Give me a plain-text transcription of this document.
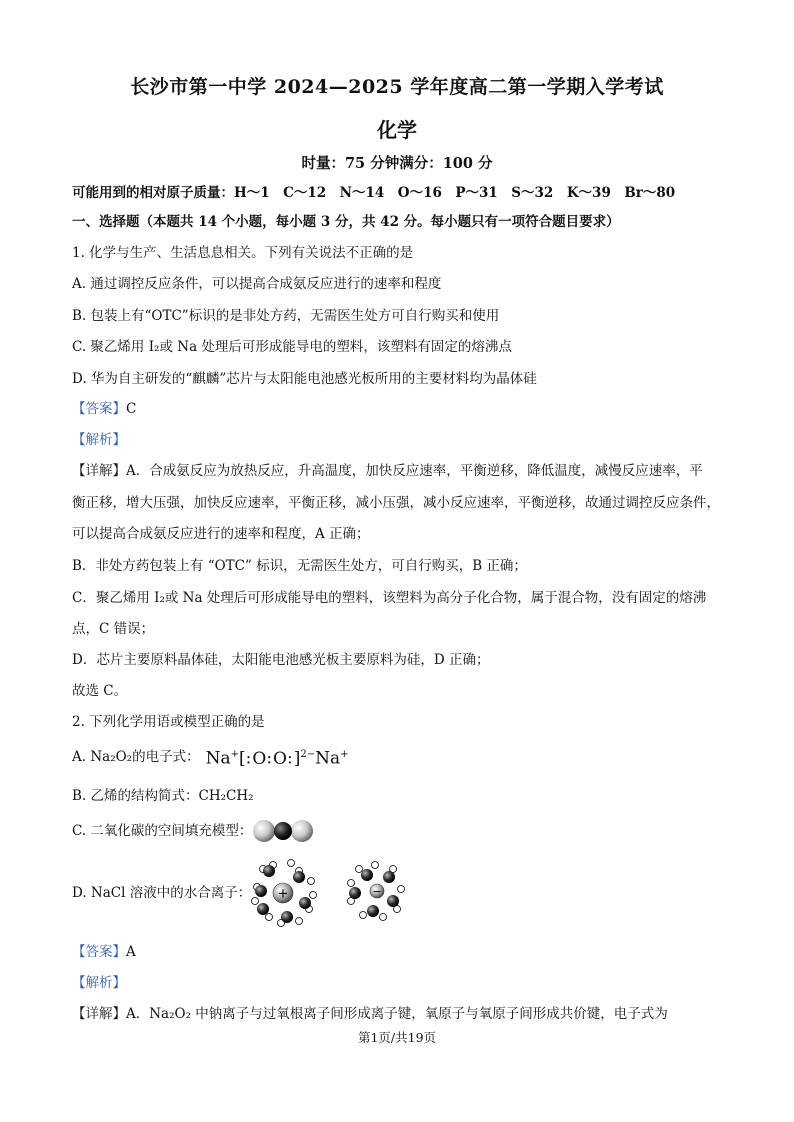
长沙市第一中学 2024—2025 学年度高二第一学期入学考试
化学
时量：75 分钟满分：100 分
可能用到的相对原子质量：H～1　C～12　N～14　O～16　P～31　S～32　K～39　Br～80
一、选择题（本题共 14 个小题，每小题 3 分，共 42 分。每小题只有一项符合题目要求）
1. 化学与生产、生活息息相关。下列有关说法不正确的是
A. 通过调控反应条件，可以提高合成氨反应进行的速率和程度
B. 包装上有“OTC”标识的是非处方药，无需医生处方可自行购买和使用
C. 聚乙烯用 I₂或 Na 处理后可形成能导电的塑料，该塑料有固定的熔沸点
D. 华为自主研发的“麒麟”芯片与太阳能电池感光板所用的主要材料均为晶体硅
【答案】C
【解析】
【详解】A．合成氨反应为放热反应，升高温度，加快反应速率，平衡逆移，降低温度，减慢反应速率，平
衡正移，增大压强，加快反应速率，平衡正移，减小压强，减小反应速率，平衡逆移，故通过调控反应条件，
可以提高合成氨反应进行的速率和程度，A 正确；
B．非处方药包装上有 “OTC” 标识，无需医生处方，可自行购买，B 正确；
C．聚乙烯用 I₂或 Na 处理后可形成能导电的塑料，该塑料为高分子化合物，属于混合物，没有固定的熔沸
点，C 错误；
D．芯片主要原料晶体硅，太阳能电池感光板主要原料为硅，D 正确；
故选 C。
2. 下列化学用语或模型正确的是
A. Na₂O₂的电子式： Na+[:O:O:]$^{2-}$Na+
B. 乙烯的结构简式：CH₂CH₂
C. 二氧化碳的空间填充模型：
D. NaCl 溶液中的水合离子： +	−
【答案】A
【解析】
【详解】A．Na₂O₂ 中钠离子与过氧根离子间形成离子键，氧原子与氧原子间形成共价键，电子式为
第1页/共19页
